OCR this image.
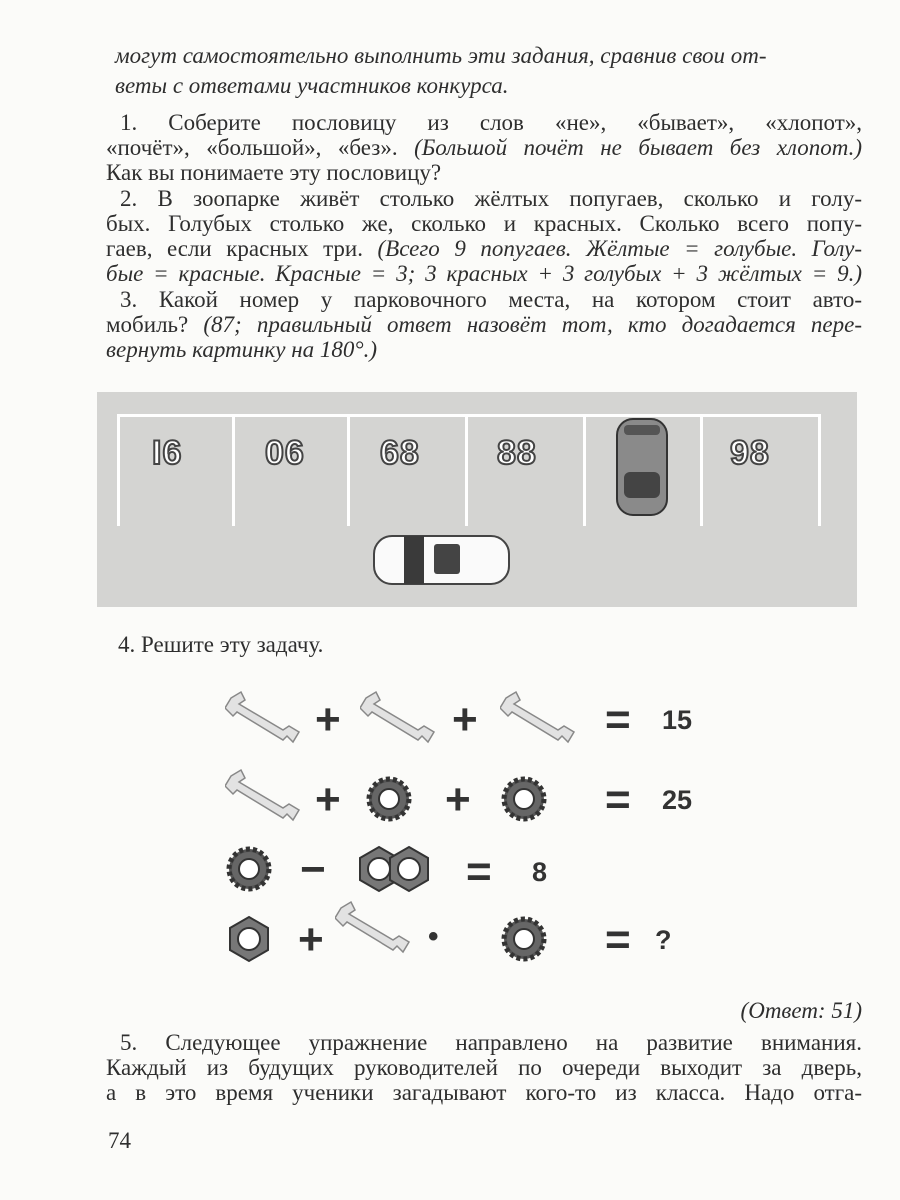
могут самостоятельно выполнить эти задания, сравнив свои от-
веты с ответами участников конкурса.
1. Соберите пословицу из слов «не», «бывает», «хлопот»,
«почёт», «большой», «без». (Большой почёт не бывает без хлопот.)
Как вы понимаете эту пословицу?
2. В зоопарке живёт столько жёлтых попугаев, сколько и голу-
бых. Голубых столько же, сколько и красных. Сколько всего попу-
гаев, если красных три. (Всего 9 попугаев. Жёлтые = голубые. Голу-
бые = красные. Красные = 3; 3 красных + 3 голубых + 3 жёлтых = 9.)
3. Какой номер у парковочного места, на котором стоит авто-
мобиль? (87; правильный ответ назовёт тот, кто догадается пере-
вернуть картинку на 180°.)
I6 06 68 88	98
4. Решите эту задачу.
+	+	= 15
+ +	= 25
−	= 8
+	•	= ?
(Ответ: 51)
5. Следующее упражнение направлено на развитие внимания.
Каждый из будущих руководителей по очереди выходит за дверь,
а в это время ученики загадывают кого-то из класса. Надо отга-
74
